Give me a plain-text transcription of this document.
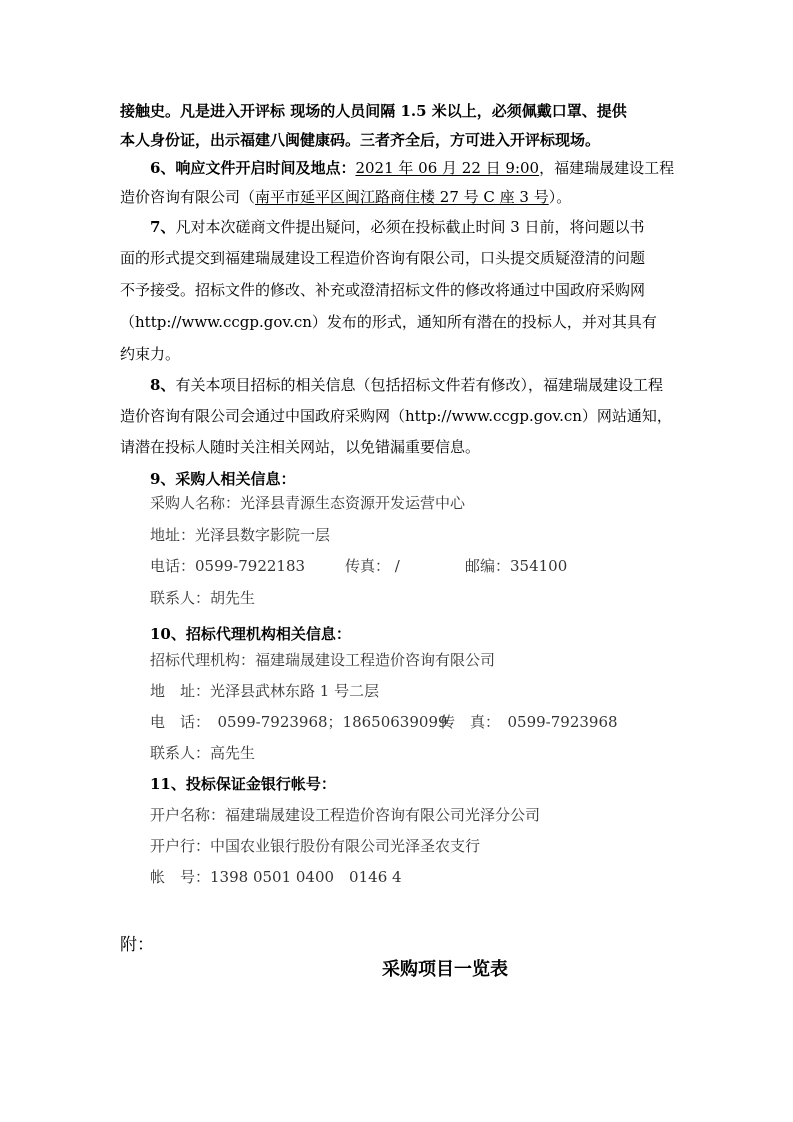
接触史。凡是进入开评标 现场的人员间隔 1.5 米以上，必须佩戴口罩、提供
本人身份证，出示福建八闽健康码。三者齐全后，方可进入开评标现场。
6、响应文件开启时间及地点：2021 年 06 月 22 日 9:00，福建瑞晟建设工程
造价咨询有限公司（南平市延平区闽江路商住楼 27 号 C 座 3 号）。
7、凡对本次磋商文件提出疑问，必须在投标截止时间 3 日前，将问题以书
面的形式提交到福建瑞晟建设工程造价咨询有限公司，口头提交质疑澄清的问题
不予接受。招标文件的修改、补充或澄清招标文件的修改将通过中国政府采购网
（http://www.ccgp.gov.cn）发布的形式，通知所有潜在的投标人，并对其具有
约束力。
8、有关本项目招标的相关信息（包括招标文件若有修改），福建瑞晟建设工程
造价咨询有限公司会通过中国政府采购网（http://www.ccgp.gov.cn）网站通知，
请潜在投标人随时关注相关网站，以免错漏重要信息。
9、采购人相关信息：
采购人名称：光泽县青源生态资源开发运营中心
地址：光泽县数字影院一层
电话：0599-7922183	传真： /	邮编：354100
联系人：胡先生
10、招标代理机构相关信息：
招标代理机构：福建瑞晟建设工程造价咨询有限公司
地　址：光泽县武林东路 1 号二层
电　话：　0599-7923968；18650639099传　真：　0599-7923968
联系人：高先生
11、投标保证金银行帐号：
开户名称：福建瑞晟建设工程造价咨询有限公司光泽分公司
开户行：中国农业银行股份有限公司光泽圣农支行
帐　号：1398 0501 0400　0146 4
附：
采购项目一览表
